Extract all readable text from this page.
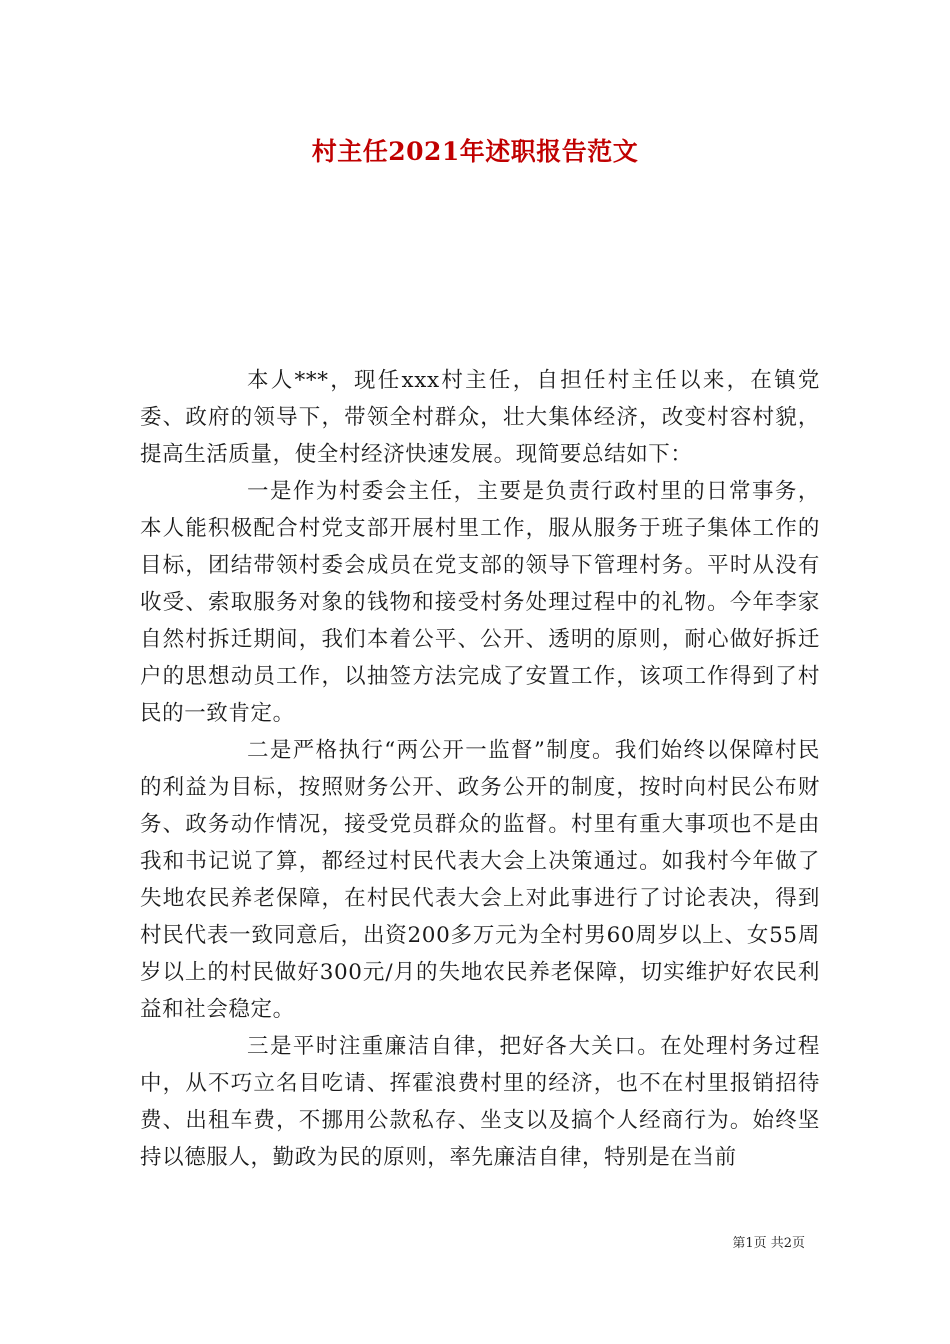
村主任2021年述职报告范文

本人***，现任xxx村主任，自担任村主任以来，在镇党委、政府的领导下，带领全村群众，壮大集体经济，改变村容村貌，提高生活质量，使全村经济快速发展。现简要总结如下：

一是作为村委会主任，主要是负责行政村里的日常事务，本人能积极配合村党支部开展村里工作，服从服务于班子集体工作的目标，团结带领村委会成员在党支部的领导下管理村务。平时从没有收受、索取服务对象的钱物和接受村务处理过程中的礼物。今年李家自然村拆迁期间，我们本着公平、公开、透明的原则，耐心做好拆迁户的思想动员工作，以抽签方法完成了安置工作，该项工作得到了村民的一致肯定。

二是严格执行“两公开一监督”制度。我们始终以保障村民的利益为目标，按照财务公开、政务公开的制度，按时向村民公布财务、政务动作情况，接受党员群众的监督。村里有重大事项也不是由我和书记说了算，都经过村民代表大会上决策通过。如我村今年做了失地农民养老保障，在村民代表大会上对此事进行了讨论表决，得到村民代表一致同意后，出资200多万元为全村男60周岁以上、女55周岁以上的村民做好300元/月的失地农民养老保障，切实维护好农民利益和社会稳定。

三是平时注重廉洁自律，把好各大关口。在处理村务过程中，从不巧立名目吃请、挥霍浪费村里的经济，也不在村里报销招待费、出租车费，不挪用公款私存、坐支以及搞个人经商行为。始终坚持以德服人，勤政为民的原则，率先廉洁自律，特别是在当前

第1页 共2页
